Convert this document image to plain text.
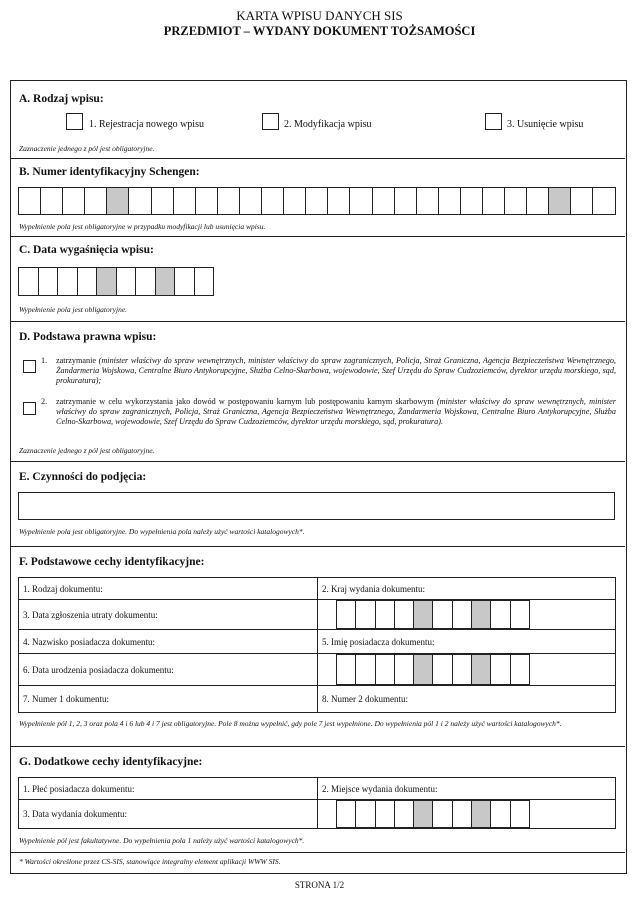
KARTA WPISU DANYCH SIS
PRZEDMIOT – WYDANY DOKUMENT TOŻSAMOŚCI
A. Rodzaj wpisu:
1. Rejestracja nowego wpisu	2. Modyfikacja wpisu	3. Usunięcie wpisu
Zaznaczenie jednego z pól jest obligatoryjne.
B. Numer identyfikacyjny Schengen:
Wypełnienie pola jest obligatoryjne w przypadku modyfikacji lub usunięcia wpisu.
C. Data wygaśnięcia wpisu:
Wypełnienie pola jest obligatoryjne.
D. Podstawa prawna wpisu:
1.	zatrzymanie (minister właściwy do spraw wewnętrznych, minister właściwy do spraw zagranicznych, Policja, Straż Graniczna, Agencja Bezpieczeństwa Wewnętrznego, Żandarmeria Wojskowa, Centralne Biuro Antykorupcyjne, Służba Celno-Skarbowa, wojewodowie, Szef Urzędu do Spraw Cudzoziemców, dyrektor urzędu morskiego, sąd, prokuratura);
2.	zatrzymanie w celu wykorzystania jako dowód w postępowaniu karnym lub postępowaniu karnym skarbowym (minister właściwy do spraw wewnętrznych, minister właściwy do spraw zagranicznych, Policja, Straż Graniczna, Agencja Bezpieczeństwa Wewnętrznego, Żandarmeria Wojskowa, Centralne Biuro Antykorupcyjne, Służba Celno-Skarbowa, wojewodowie, Szef Urzędu do Spraw Cudzoziemców, dyrektor urzędu morskiego, sąd, prokuratura).
Zaznaczenie jednego z pól jest obligatoryjne.
E. Czynności do podjęcia:
Wypełnienie pola jest obligatoryjne. Do wypełnienia pola należy użyć wartości katalogowych*.
F. Podstawowe cechy identyfikacyjne:
1. Rodzaj dokumentu:	2. Kraj wydania dokumentu:
3. Data zgłoszenia utraty dokumentu:	

4. Nazwisko posiadacza dokumentu:	5. Imię posiadacza dokumentu:
6. Data urodzenia posiadacza dokumentu:	

7. Numer 1 dokumentu:	8. Numer 2 dokumentu:
Wypełnienie pól 1, 2, 3 oraz pola 4 i 6 lub 4 i 7 jest obligatoryjne. Pole 8 można wypełnić, gdy pole 7 jest wypełnione. Do wypełnienia pól 1 i 2 należy użyć wartości katalogowych*.
G. Dodatkowe cechy identyfikacyjne:
1. Płeć posiadacza dokumentu:	2. Miejsce wydania dokumentu:
3. Data wydania dokumentu:	
Wypełnienie pól jest fakultatywne. Do wypełnienia pola 1 należy użyć wartości katalogowych*.
* Wartości określone przez CS-SIS, stanowiące integralny element aplikacji WWW SIS.
STRONA 1/2
